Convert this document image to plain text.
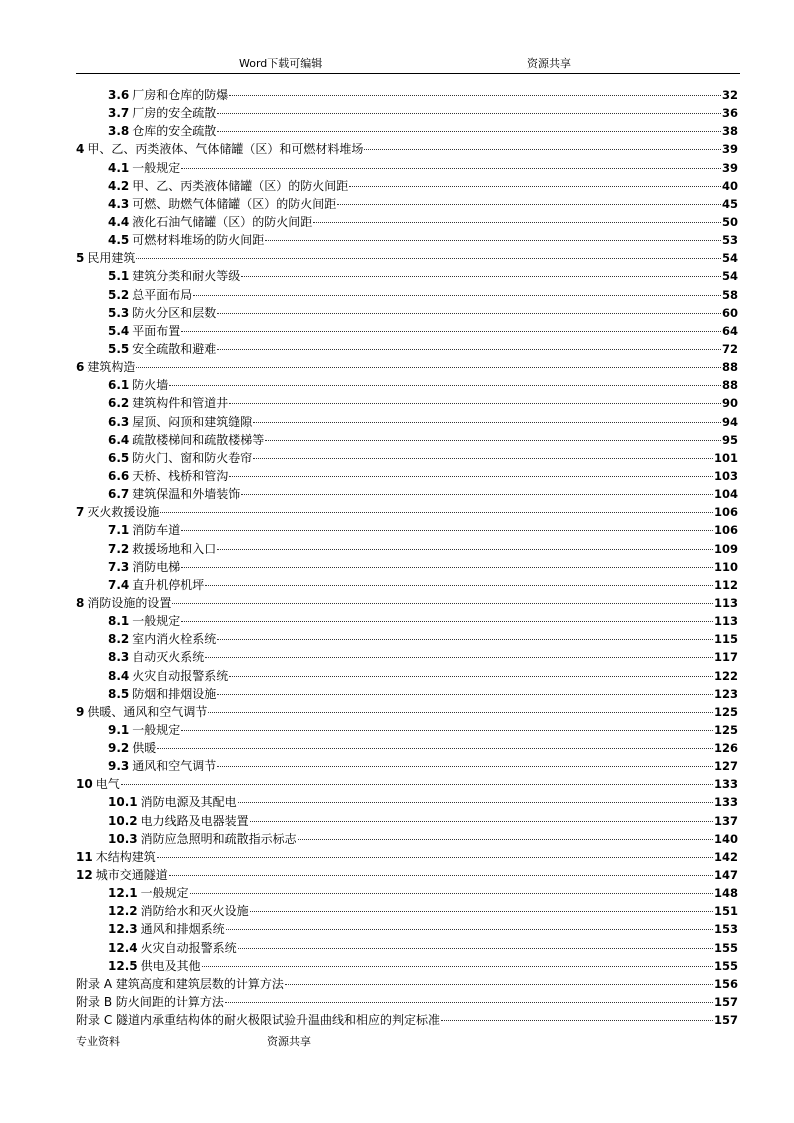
Word下载可编辑	资源共享
3.6 厂房和仓库的防爆	32
3.7 厂房的安全疏散	36
3.8 仓库的安全疏散	38
4 甲、乙、丙类液体、气体储罐（区）和可燃材料堆场	39
4.1 一般规定	39
4.2 甲、乙、丙类液体储罐（区）的防火间距	40
4.3 可燃、助燃气体储罐（区）的防火间距	45
4.4 液化石油气储罐（区）的防火间距	50
4.5 可燃材料堆场的防火间距	53
5 民用建筑	54
5.1 建筑分类和耐火等级	54
5.2 总平面布局	58
5.3 防火分区和层数	60
5.4 平面布置	64
5.5 安全疏散和避难	72
6 建筑构造	88
6.1 防火墙	88
6.2 建筑构件和管道井	90
6.3 屋顶、闷顶和建筑缝隙	94
6.4 疏散楼梯间和疏散楼梯等	95
6.5 防火门、窗和防火卷帘	101
6.6 天桥、栈桥和管沟	103
6.7 建筑保温和外墙装饰	104
7 灭火救援设施	106
7.1 消防车道	106
7.2 救援场地和入口	109
7.3 消防电梯	110
7.4 直升机停机坪	112
8 消防设施的设置	113
8.1 一般规定	113
8.2 室内消火栓系统	115
8.3 自动灭火系统	117
8.4 火灾自动报警系统	122
8.5 防烟和排烟设施	123
9 供暖、通风和空气调节	125
9.1 一般规定	125
9.2 供暖	126
9.3 通风和空气调节	127
10 电气	133
10.1 消防电源及其配电	133
10.2 电力线路及电器装置	137
10.3 消防应急照明和疏散指示标志	140
11 木结构建筑	142
12 城市交通隧道	147
12.1 一般规定	148
12.2 消防给水和灭火设施	151
12.3 通风和排烟系统	153
12.4 火灾自动报警系统	155
12.5 供电及其他	155
附录 A 建筑高度和建筑层数的计算方法	156
附录 B 防火间距的计算方法	157
附录 C 隧道内承重结构体的耐火极限试验升温曲线和相应的判定标准	157
专业资料	资源共享
